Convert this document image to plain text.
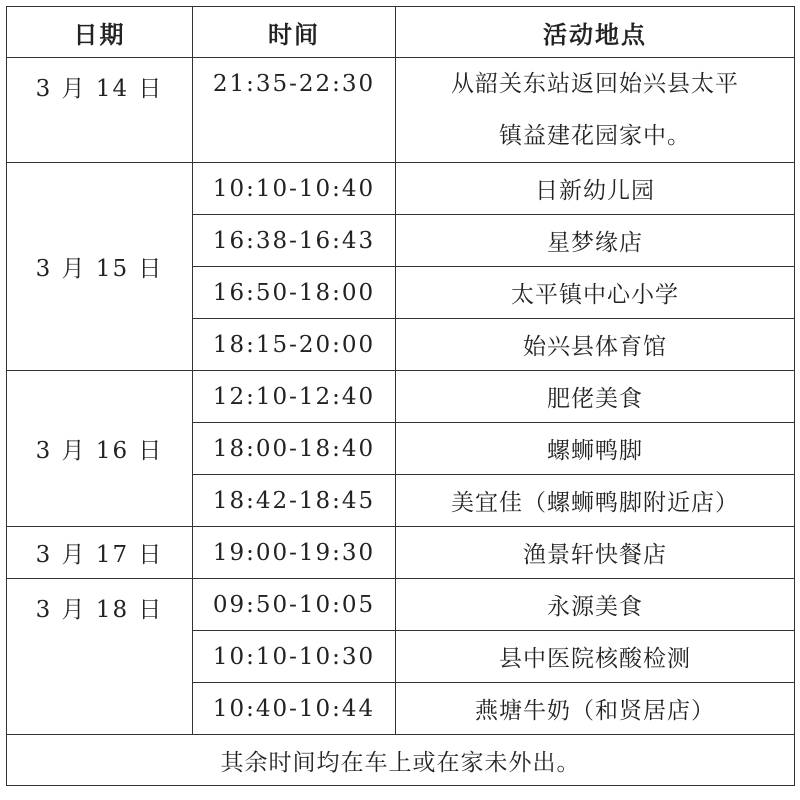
日期	时间	活动地点
3 月 14 日	21:35-22:30	从韶关东站返回始兴县太平
镇益建花园家中。
3 月 15 日	10:10-10:40	日新幼儿园
	16:38-16:43	星梦缘店
	16:50-18:00	太平镇中心小学
	18:15-20:00	始兴县体育馆
3 月 16 日	12:10-12:40	肥佬美食
	18:00-18:40	螺蛳鸭脚
	18:42-18:45	美宜佳（螺蛳鸭脚附近店）
3 月 17 日	19:00-19:30	渔景轩快餐店
3 月 18 日	09:50-10:05	永源美食
	10:10-10:30	县中医院核酸检测
	10:40-10:44	燕塘牛奶（和贤居店）
其余时间均在车上或在家未外出。		
